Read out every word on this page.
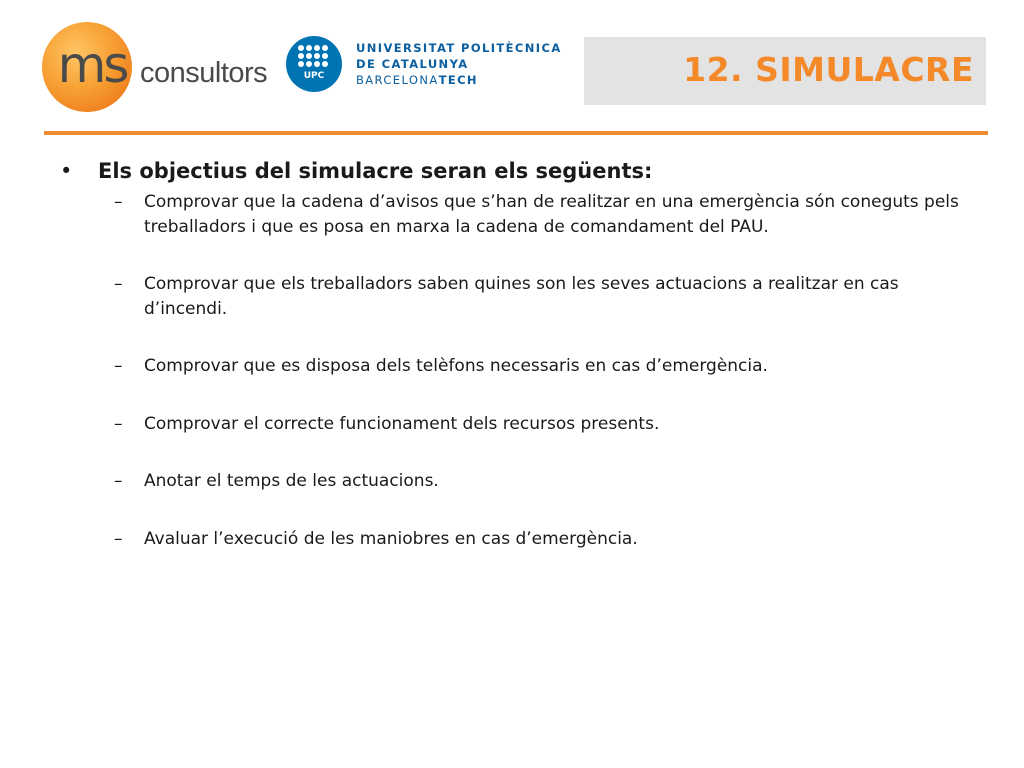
ms consultors	UPC
UNIVERSITAT POLITÈCNICA
DE CATALUNYA
BARCELONATECH	12. SIMULACRE

• Els objectius del simulacre seran els següents:

– Comprovar que la cadena d’avisos que s’han de realitzar en una emergència són coneguts pels treballadors i que es posa en marxa la cadena de comandament del PAU.
– Comprovar que els treballadors saben quines son les seves actuacions a realitzar en cas d’incendi.
– Comprovar que es disposa dels telèfons necessaris en cas d’emergència.
– Comprovar el correcte funcionament dels recursos presents.
– Anotar el temps de les actuacions.
– Avaluar l’execució de les maniobres en cas d’emergència.
